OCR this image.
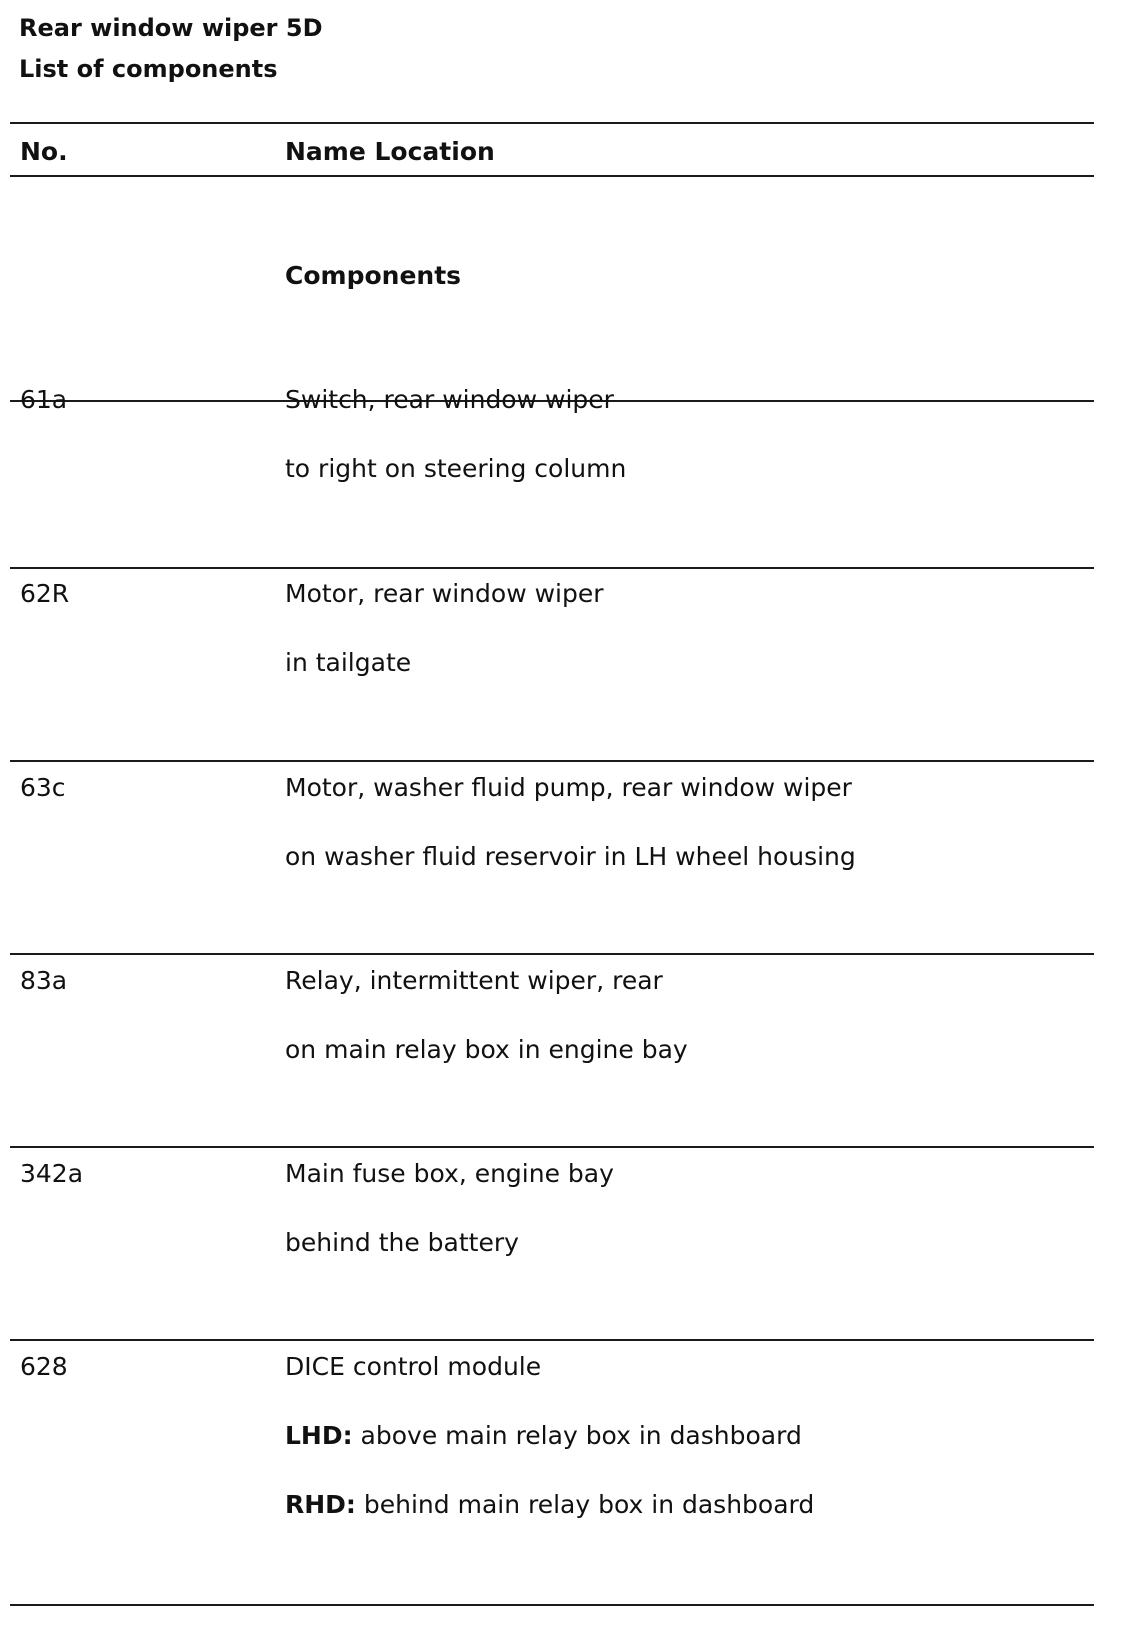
Rear window wiper 5D
List of components
No.	Name Location
Components
61a	Switch, rear window wiper
to right on steering column
62R	Motor, rear window wiper
in tailgate
63c	Motor, washer fluid pump, rear window wiper
on washer fluid reservoir in LH wheel housing
83a	Relay, intermittent wiper, rear
on main relay box in engine bay
342a	Main fuse box, engine bay
behind the battery
628	DICE control module
LHD: above main relay box in dashboard
RHD: behind main relay box in dashboard
